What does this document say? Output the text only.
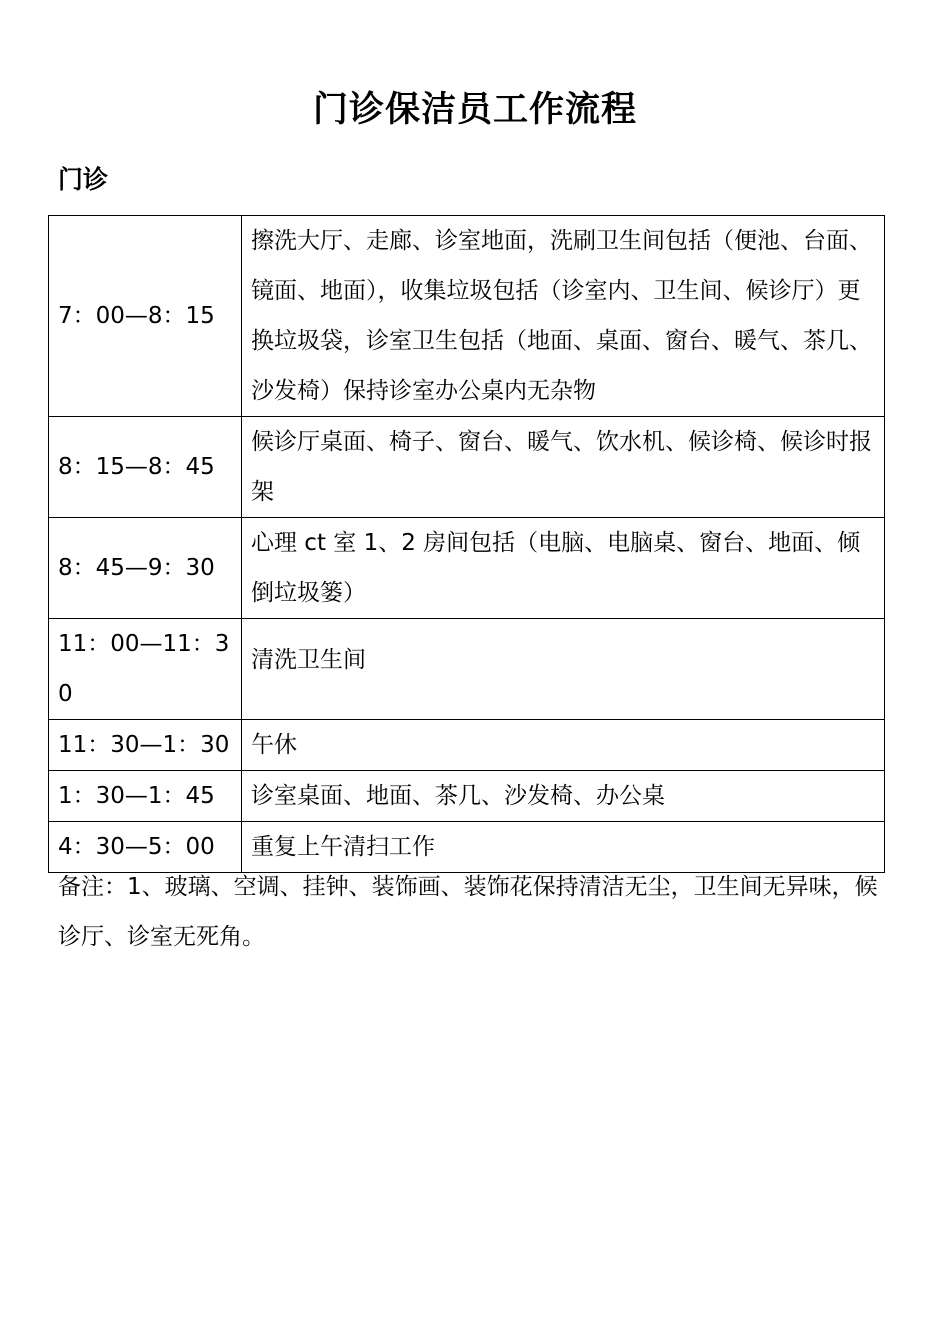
门诊保洁员工作流程
门诊
7：00—8：15	擦洗大厅、走廊、诊室地面，洗刷卫生间包括（便池、台面、镜面、地面），收集垃圾包括（诊室内、卫生间、候诊厅）更换垃圾袋，诊室卫生包括（地面、桌面、窗台、暖气、茶几、沙发椅）保持诊室办公桌内无杂物
8：15—8：45	候诊厅桌面、椅子、窗台、暖气、饮水机、候诊椅、候诊时报架
8：45—9：30	心理 ct 室 1、2 房间包括（电脑、电脑桌、窗台、地面、倾倒垃圾篓）
11：00—11：30	清洗卫生间
11：30—1：30	午休
1：30—1：45	诊室桌面、地面、茶几、沙发椅、办公桌
4：30—5：00	重复上午清扫工作
备注：1、玻璃、空调、挂钟、装饰画、装饰花保持清洁无尘，卫生间无异味，候诊厅、诊室无死角。
